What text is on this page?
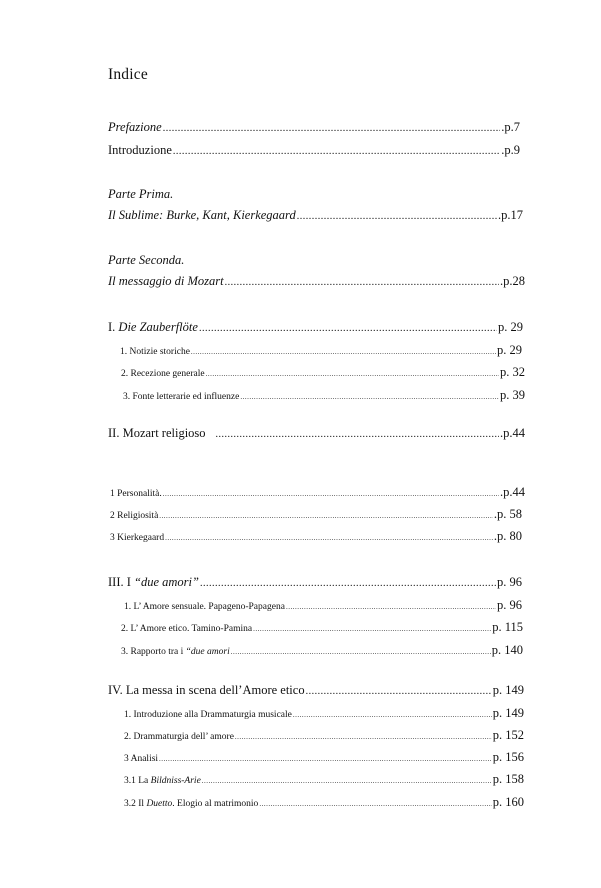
Indice
Prefazione .....	.p.7
Introduzione .....	.p.9
Parte Prima.
Il Sublime: Burke, Kant, Kierkegaard .....	.p.17
Parte Seconda.
Il messaggio di Mozart .....	.p.28
I. Die Zauberflöte .....	p. 29
1. Notizie storiche .....	p. 29
2. Recezione generale .....	p. 32
3. Fonte letterarie ed influenze .....	p. 39
II. Mozart religioso .....	.p.44
1 Personalità. .....	.p.44
2 Religiosità .....	.p. 58
3 Kierkegaard .....	.p. 80
III. I “due amori” .....	p. 96
1. L’ Amore sensuale. Papageno-Papagena .....	p. 96
2. L’ Amore etico. Tamino-Pamina .....	p. 115
3. Rapporto tra i “due amori .....	p. 140
IV. La messa in scena dell’Amore etico .....	p. 149
1. Introduzione alla Drammaturgia musicale .....	p. 149
2. Drammaturgia dell’ amore .....	p. 152
3 Analisi .....	p. 156
3.1 La Bildniss-Arie .....	p. 158
3.2 Il Duetto. Elogio al matrimonio .....	p. 160
